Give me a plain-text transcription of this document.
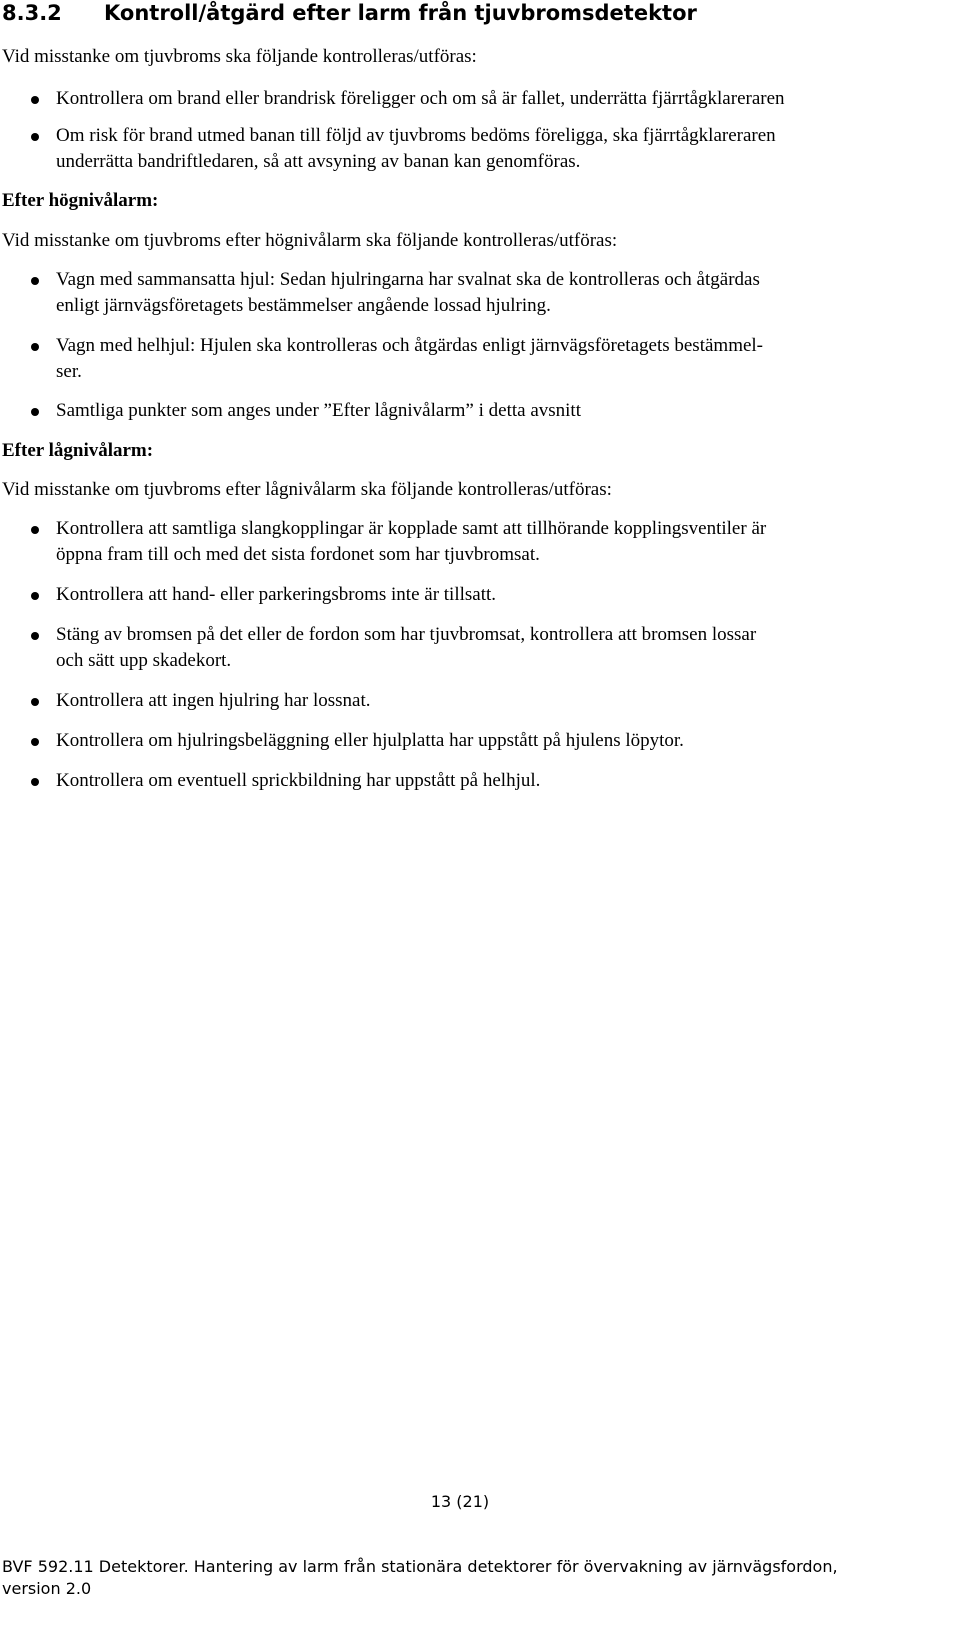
8.3.2 Kontroll/åtgärd efter larm från tjuvbromsdetektor

Vid misstanke om tjuvbroms ska följande kontrolleras/utföras:

Kontrollera om brand eller brandrisk föreligger och om så är fallet, underrätta fjärrtågklareraren

Om risk för brand utmed banan till följd av tjuvbroms bedöms föreligga, ska fjärrtågklareraren
underrätta bandriftledaren, så att avsyning av banan kan genomföras.

Efter högnivålarm:

Vid misstanke om tjuvbroms efter högnivålarm ska följande kontrolleras/utföras:

Vagn med sammansatta hjul: Sedan hjulringarna har svalnat ska de kontrolleras och åtgärdas
enligt järnvägsföretagets bestämmelser angående lossad hjulring.

Vagn med helhjul: Hjulen ska kontrolleras och åtgärdas enligt järnvägsföretagets bestämmel-
ser.

Samtliga punkter som anges under ”Efter lågnivålarm” i detta avsnitt

Efter lågnivålarm:

Vid misstanke om tjuvbroms efter lågnivålarm ska följande kontrolleras/utföras:

Kontrollera att samtliga slangkopplingar är kopplade samt att tillhörande kopplingsventiler är
öppna fram till och med det sista fordonet som har tjuvbromsat.

Kontrollera att hand- eller parkeringsbroms inte är tillsatt.

Stäng av bromsen på det eller de fordon som har tjuvbromsat, kontrollera att bromsen lossar
och sätt upp skadekort.

Kontrollera att ingen hjulring har lossnat.

Kontrollera om hjulringsbeläggning eller hjulplatta har uppstått på hjulens löpytor.

Kontrollera om eventuell sprickbildning har uppstått på helhjul.

13 (21)
BVF 592.11 Detektorer. Hantering av larm från stationära detektorer för övervakning av järnvägsfordon,
version 2.0
